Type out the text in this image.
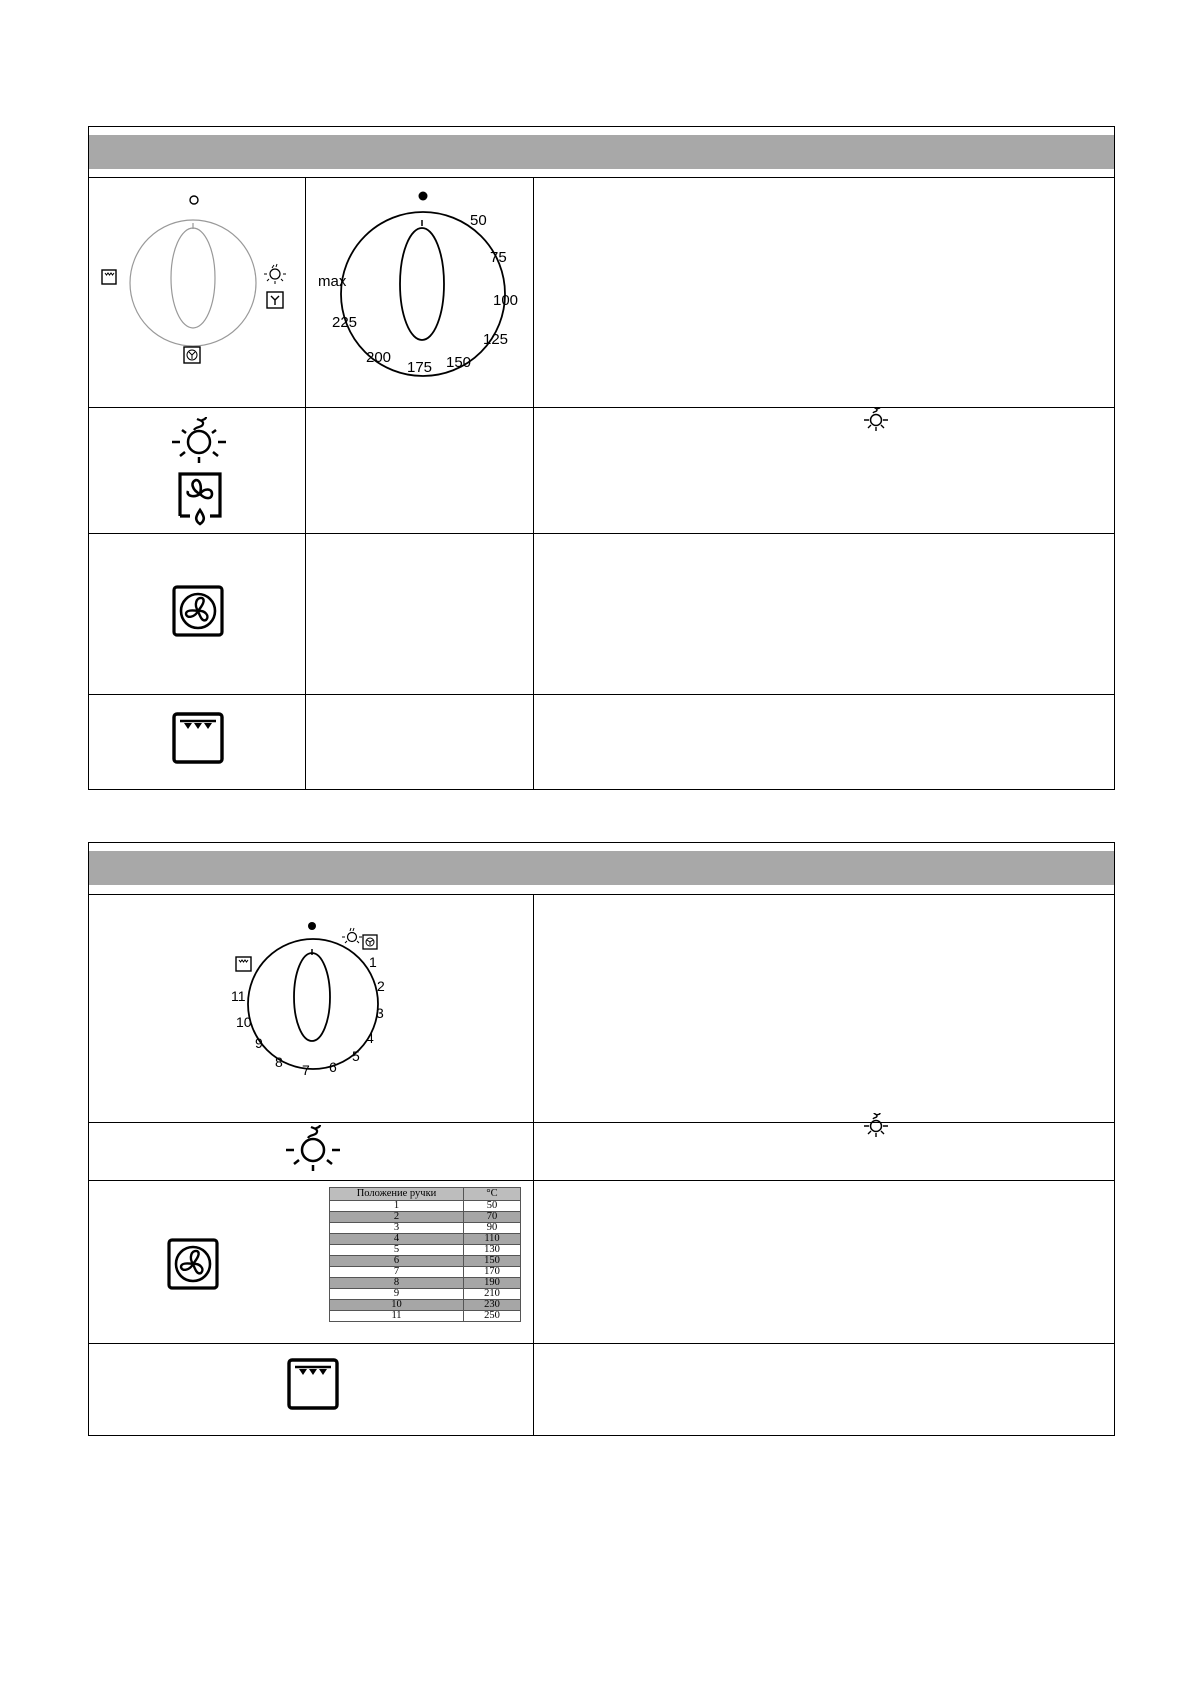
50
75
100
125
150
175
200
225
max
1
2
3
4
5
6
7
8
9
10
11
Положение ручки	°C
1	50
2	70
3	90
4	110
5	130
6	150
7	170
8	190
9	210
10	230
11	250
